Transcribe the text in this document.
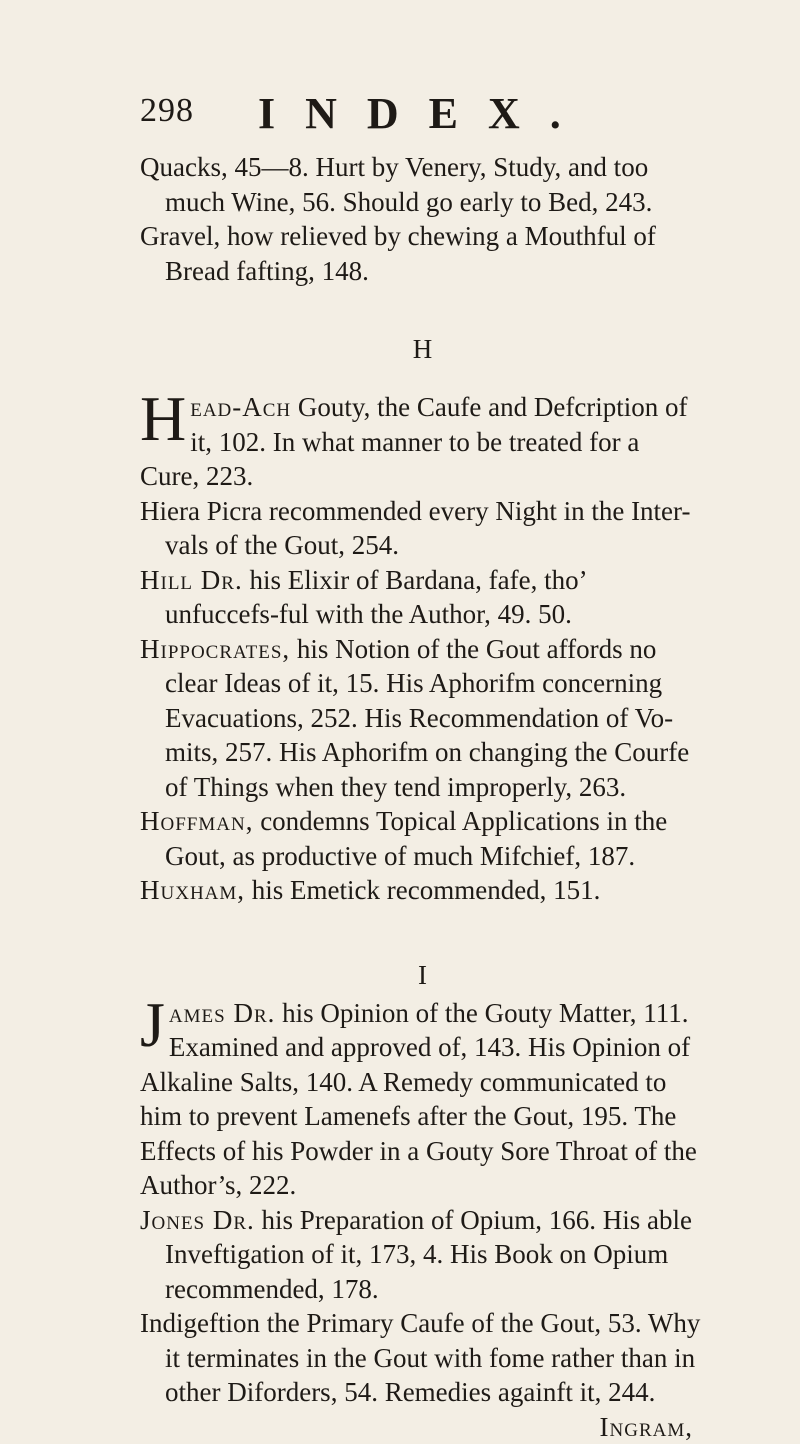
298 INDEX.

Quacks, 45—8. Hurt by Venery, Study, and too much Wine, 56. Should go early to Bed, 243.

Gravel, how relieved by chewing a Mouthful of Bread fafting, 148.

H

Head-Ach Gouty, the Caufe and Defcription of it, 102. In what manner to be treated for a Cure, 223.

Hiera Picra recommended every Night in the Inter-vals of the Gout, 254.

Hill Dr. his Elixir of Bardana, fafe, tho’ unfuccefs-ful with the Author, 49. 50.

Hippocrates, his Notion of the Gout affords no clear Ideas of it, 15. His Aphorifm concerning Evacuations, 252. His Recommendation of Vo-mits, 257. His Aphorifm on changing the Courfe of Things when they tend improperly, 263.

Hoffman, condemns Topical Applications in the Gout, as productive of much Mifchief, 187.

Huxham, his Emetick recommended, 151.

I

James Dr. his Opinion of the Gouty Matter, 111. Examined and approved of, 143. His Opinion of Alkaline Salts, 140. A Remedy communicated to him to prevent Lamenefs after the Gout, 195. The Effects of his Powder in a Gouty Sore Throat of the Author’s, 222.

Jones Dr. his Preparation of Opium, 166. His able Inveftigation of it, 173, 4. His Book on Opium recommended, 178.

Indigeftion the Primary Caufe of the Gout, 53. Why it terminates in the Gout with fome rather than in other Diforders, 54. Remedies againft it, 244.

Ingram,
